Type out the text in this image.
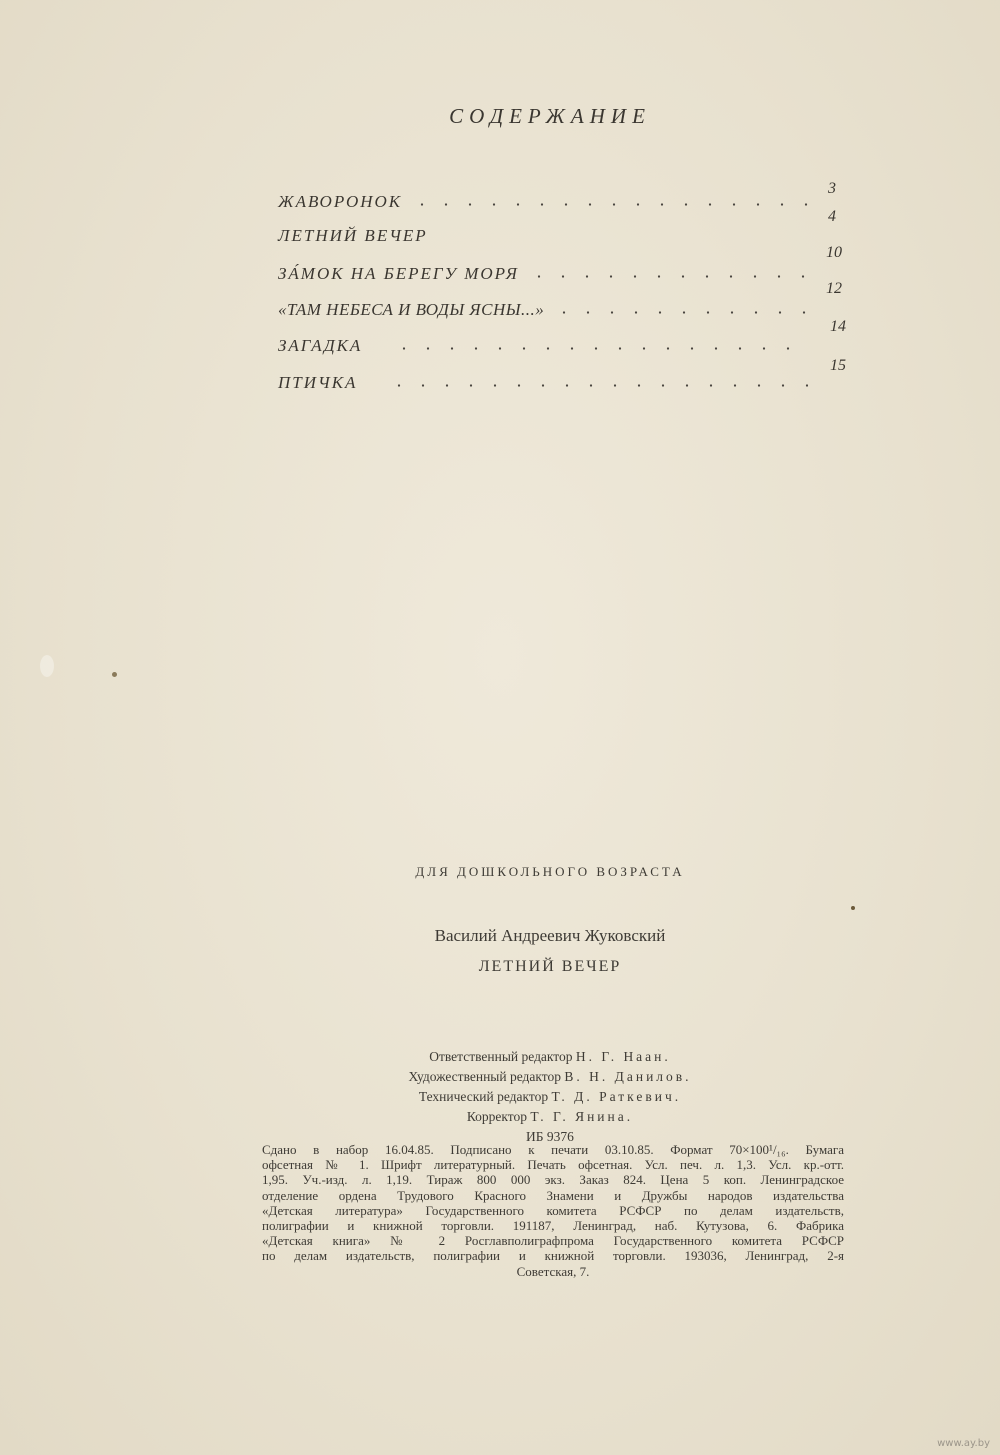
СОДЕРЖАНИЕ
ЖАВОРОНОК
3
ЛЕТНИЙ ВЕЧЕР
4
ЗА́МОК НА БЕРЕГУ МОРЯ
10
«ТАМ НЕБЕСА И ВОДЫ ЯСНЫ...»
12
ЗАГАДКА
14
ПТИЧКА
15
ДЛЯ ДОШКОЛЬНОГО ВОЗРАСТА
Василий Андреевич Жуковский
ЛЕТНИЙ ВЕЧЕР
Ответственный редактор Н. Г. Наан.
Художественный редактор В. Н. Данилов.
Технический редактор Т. Д. Раткевич.
Корректор Т. Г. Янина.
ИБ 9376
Сдано в набор 16.04.85. Подписано к печати 03.10.85. Формат 70×100¹/₁₆. Бумага
офсетная № 1. Шрифт литературный. Печать офсетная. Усл. печ. л. 1,3. Усл. кр.-отт.
1,95. Уч.-изд. л. 1,19. Тираж 800 000 экз. Заказ 824. Цена 5 коп. Ленинградское
отделение ордена Трудового Красного Знамени и Дружбы народов издательства
«Детская литература» Государственного комитета РСФСР по делам издательств,
полиграфии и книжной торговли. 191187, Ленинград, наб. Кутузова, 6. Фабрика
«Детская книга» № 2 Росглавполиграфпрома Государственного комитета РСФСР
по делам издательств, полиграфии и книжной торговли. 193036, Ленинград, 2-я
Советская, 7.
www.ay.by
